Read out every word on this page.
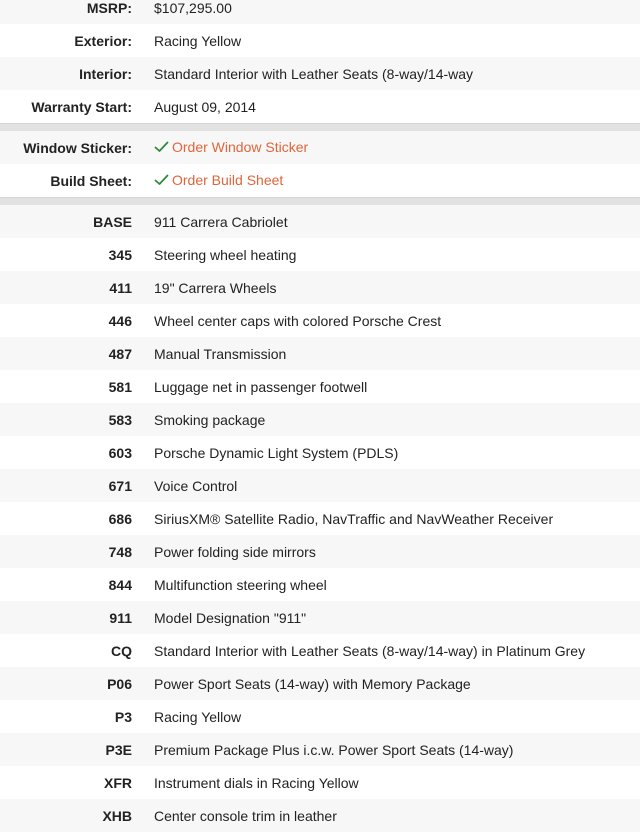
MSRP:	$107,295.00
Exterior:	Racing Yellow
Interior:	Standard Interior with Leather Seats (8-way/14-way
Warranty Start:	August 09, 2014
Window Sticker:	Order Window Sticker

Build Sheet:	Order Build Sheet
BASE	911 Carrera Cabriolet
345	Steering wheel heating
411	19" Carrera Wheels
446	Wheel center caps with colored Porsche Crest
487	Manual Transmission
581	Luggage net in passenger footwell
583	Smoking package
603	Porsche Dynamic Light System (PDLS)
671	Voice Control
686	SiriusXM® Satellite Radio, NavTraffic and NavWeather Receiver
748	Power folding side mirrors
844	Multifunction steering wheel
911	Model Designation "911"
CQ	Standard Interior with Leather Seats (8-way/14-way) in Platinum Grey
P06	Power Sport Seats (14-way) with Memory Package
P3	Racing Yellow
P3E	Premium Package Plus i.c.w. Power Sport Seats (14-way)
XFR	Instrument dials in Racing Yellow
XHB	Center console trim in leather
